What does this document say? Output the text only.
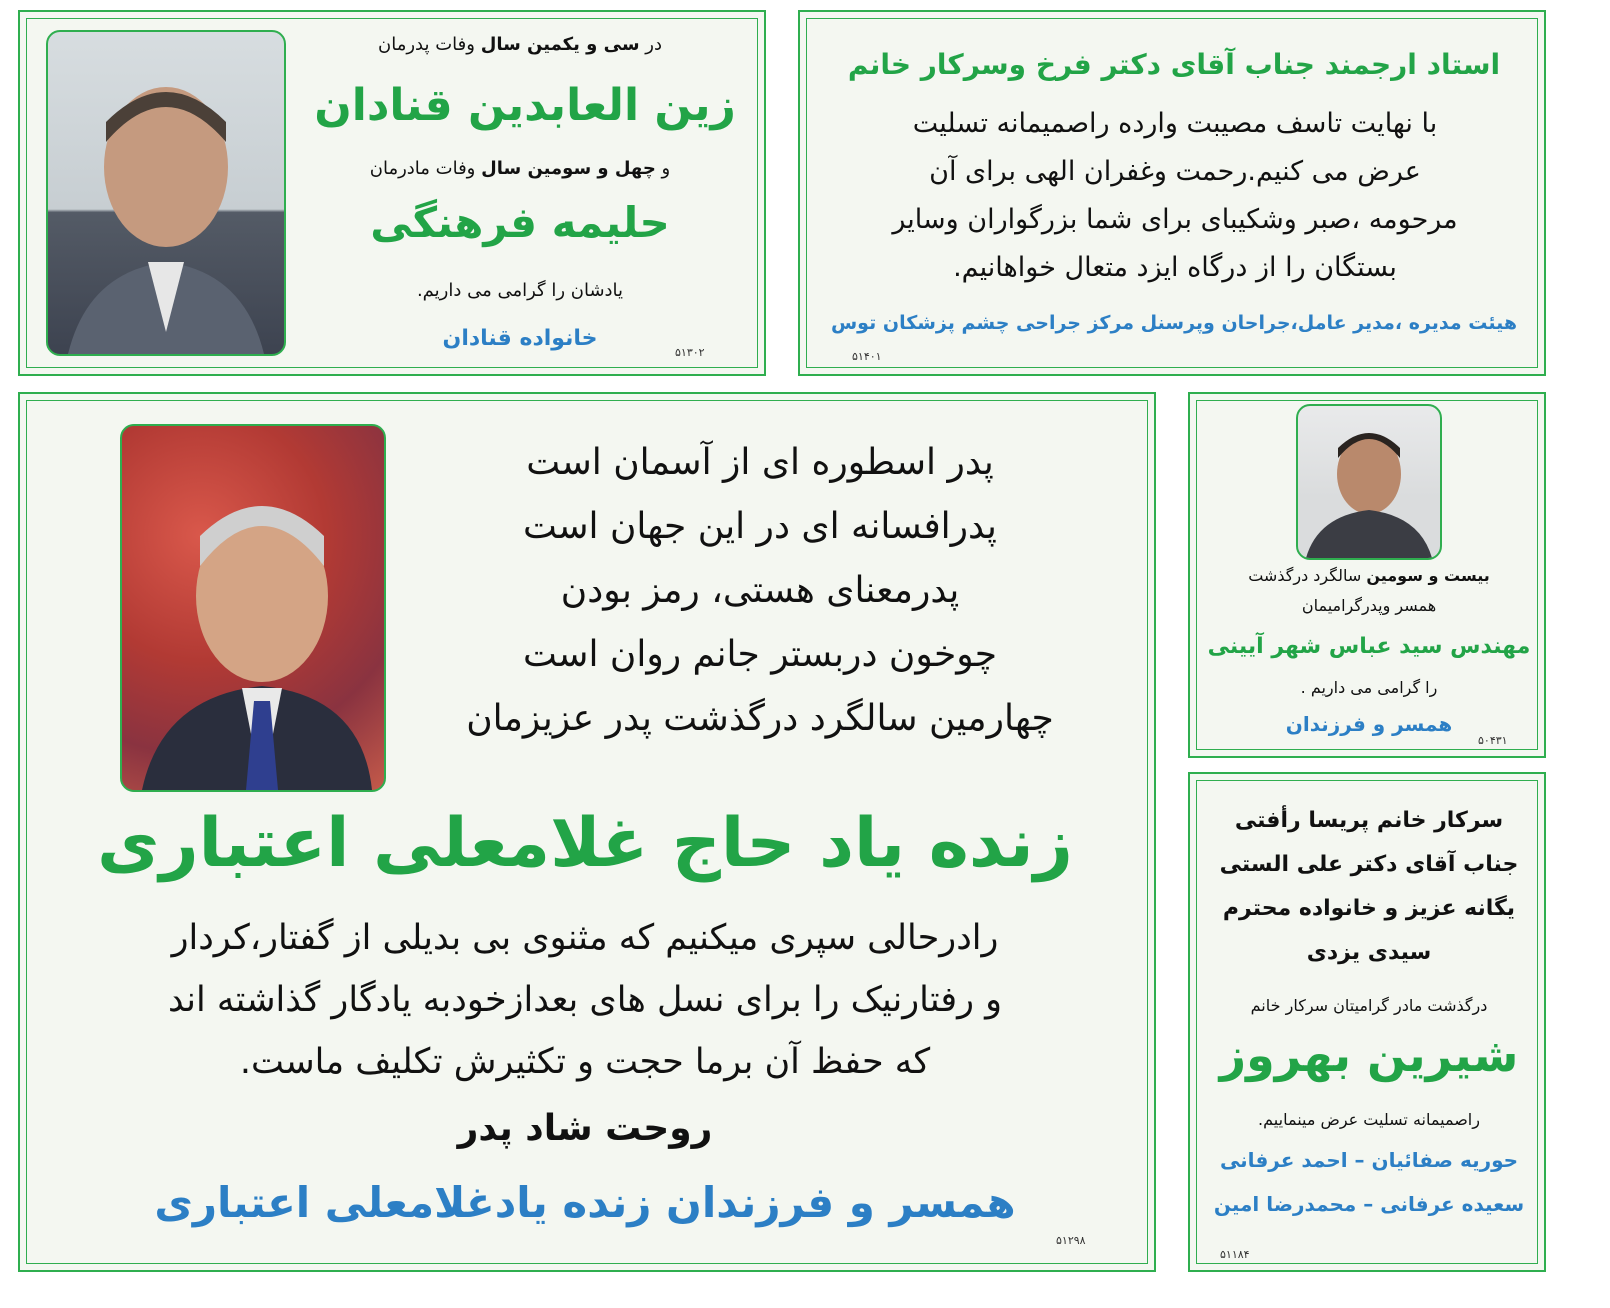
در سی و یکمین سال وفات پدرمان
زین العابدین قنادان
و چهل و سومین سال وفات مادرمان
حلیمه فرهنگی
یادشان را گرامی می داریم.
خانواده قنادان
۵۱۳۰۲
استاد ارجمند جناب آقای دکتر فرخ وسرکار خانم
با نهایت تاسف مصیبت وارده راصمیمانه تسلیت
عرض می کنیم.رحمت وغفران الهی برای آن
مرحومه ،صبر وشکیبای برای شما بزرگواران وسایر
بستگان را از درگاه ایزد متعال خواهانیم.
هیئت مدیره ،مدیر عامل،جراحان وپرسنل مرکز جراحی چشم پزشکان توس
۵۱۴۰۱
پدر اسطوره ای از آسمان است
پدرافسانه ای در این جهان است
پدرمعنای هستی، رمز بودن
چوخون دربستر جانم روان است
چهارمین سالگرد درگذشت پدر عزیزمان
زنده یاد حاج غلامعلی اعتباری
رادرحالی سپری میکنیم که مثنوی بی بدیلی از گفتار،کردار
و رفتارنیک را برای نسل های بعدازخودبه یادگار گذاشته اند
که حفظ آن برما حجت و تکثیرش تکلیف ماست.
روحت شاد پدر
همسر و فرزندان زنده یادغلامعلی اعتباری
۵۱۲۹۸
بیست و سومین سالگرد درگذشت
همسر وپدرگرامیمان
مهندس سید عباس شهر آیینی
را گرامی می داریم .
همسر و فرزندان
۵۰۴۳۱
سرکار خانم پریسا رأفتی
جناب آقای دکتر علی الستی
یگانه عزیز و خانواده محترم
سیدی یزدی
درگذشت مادر گرامیتان سرکار خانم
شیرین بهروز
راصمیمانه تسلیت عرض مینماییم.
حوریه صفائیان – احمد عرفانی
سعیده عرفانی – محمدرضا امین
۵۱۱۸۴
